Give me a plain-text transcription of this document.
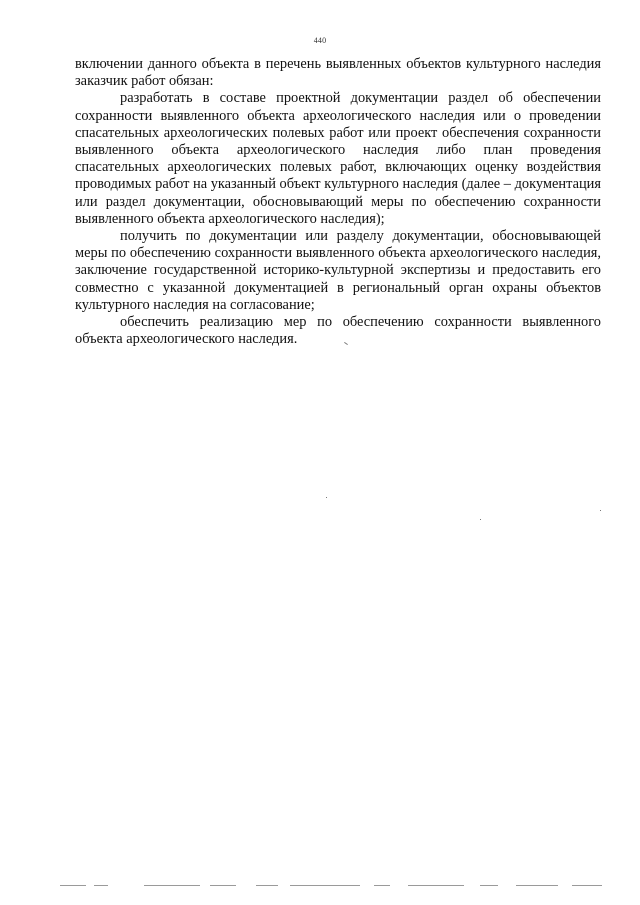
440

включении данного объекта в перечень выявленных объектов культурного наследия заказчик работ обязан:

разработать в составе проектной документации раздел об обеспечении сохранности выявленного объекта археологического наследия или о проведении спасательных археологических полевых работ или проект обеспечения сохранности выявленного объекта археологического наследия либо план проведения спасательных археологических полевых работ, включающих оценку воздействия проводимых работ на указанный объект культурного наследия (далее – документация или раздел документации, обосновывающий меры по обеспечению сохранности выявленного объекта археологического наследия);

получить по документации или разделу документации, обосновывающей меры по обеспечению сохранности выявленного объекта археологического наследия, заключение государственной историко-культурной экспертизы и предоставить его совместно с указанной документацией в региональный орган охраны объектов культурного наследия на согласование;

обеспечить реализацию мер по обеспечению сохранности выявленного объекта археологического наследия.
